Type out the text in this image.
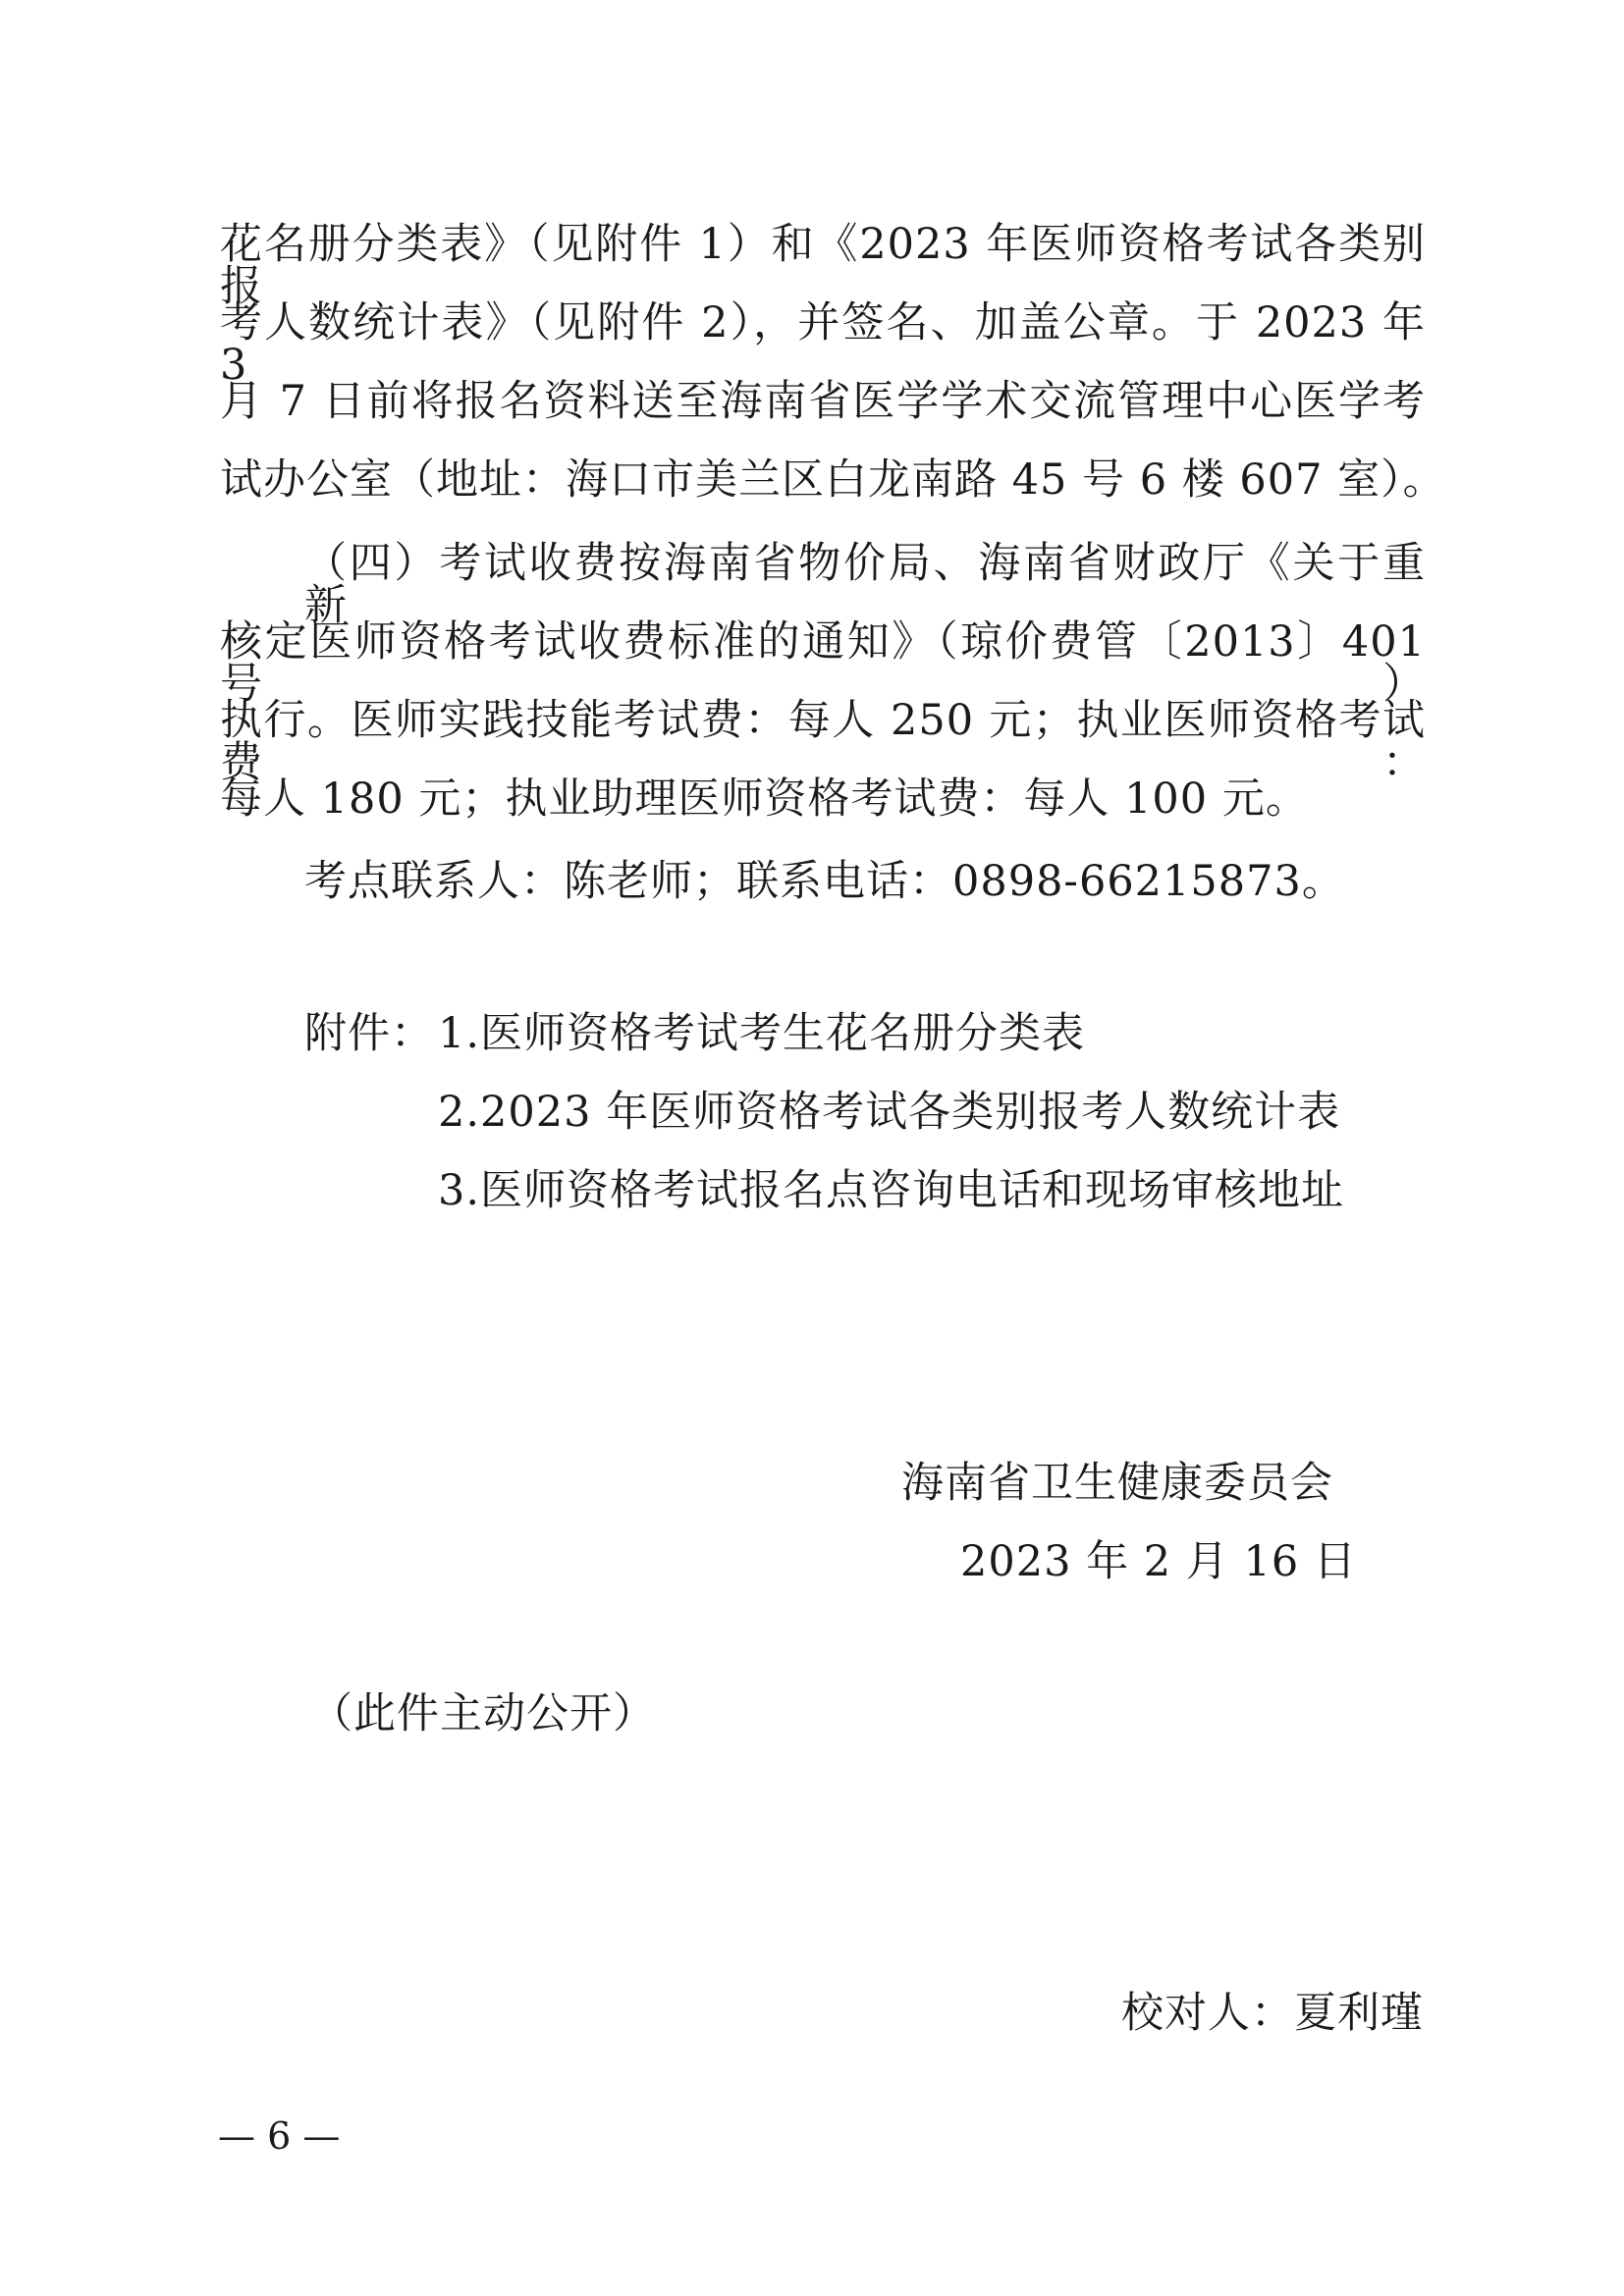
花名册分类表》（见附件 1）和《2023 年医师资格考试各类别报
考人数统计表》（见附件 2），并签名、加盖公章。于 2023 年 3
月 7 日前将报名资料送至海南省医学学术交流管理中心医学考
试办公室（地址：海口市美兰区白龙南路 45 号 6 楼 607 室）。
（四）考试收费按海南省物价局、海南省财政厅《关于重新
核定医师资格考试收费标准的通知》（琼价费管〔2013〕401 号）
执行。医师实践技能考试费：每人 250 元；执业医师资格考试费：
每人 180 元；执业助理医师资格考试费：每人 100 元。
考点联系人：陈老师；联系电话：0898-66215873。
附件： 1.医师资格考试考生花名册分类表
2.2023 年医师资格考试各类别报考人数统计表
3.医师资格考试报名点咨询电话和现场审核地址
海南省卫生健康委员会
2023 年 2 月 16 日
（此件主动公开）
校对人：夏利瑾
— 6 —
